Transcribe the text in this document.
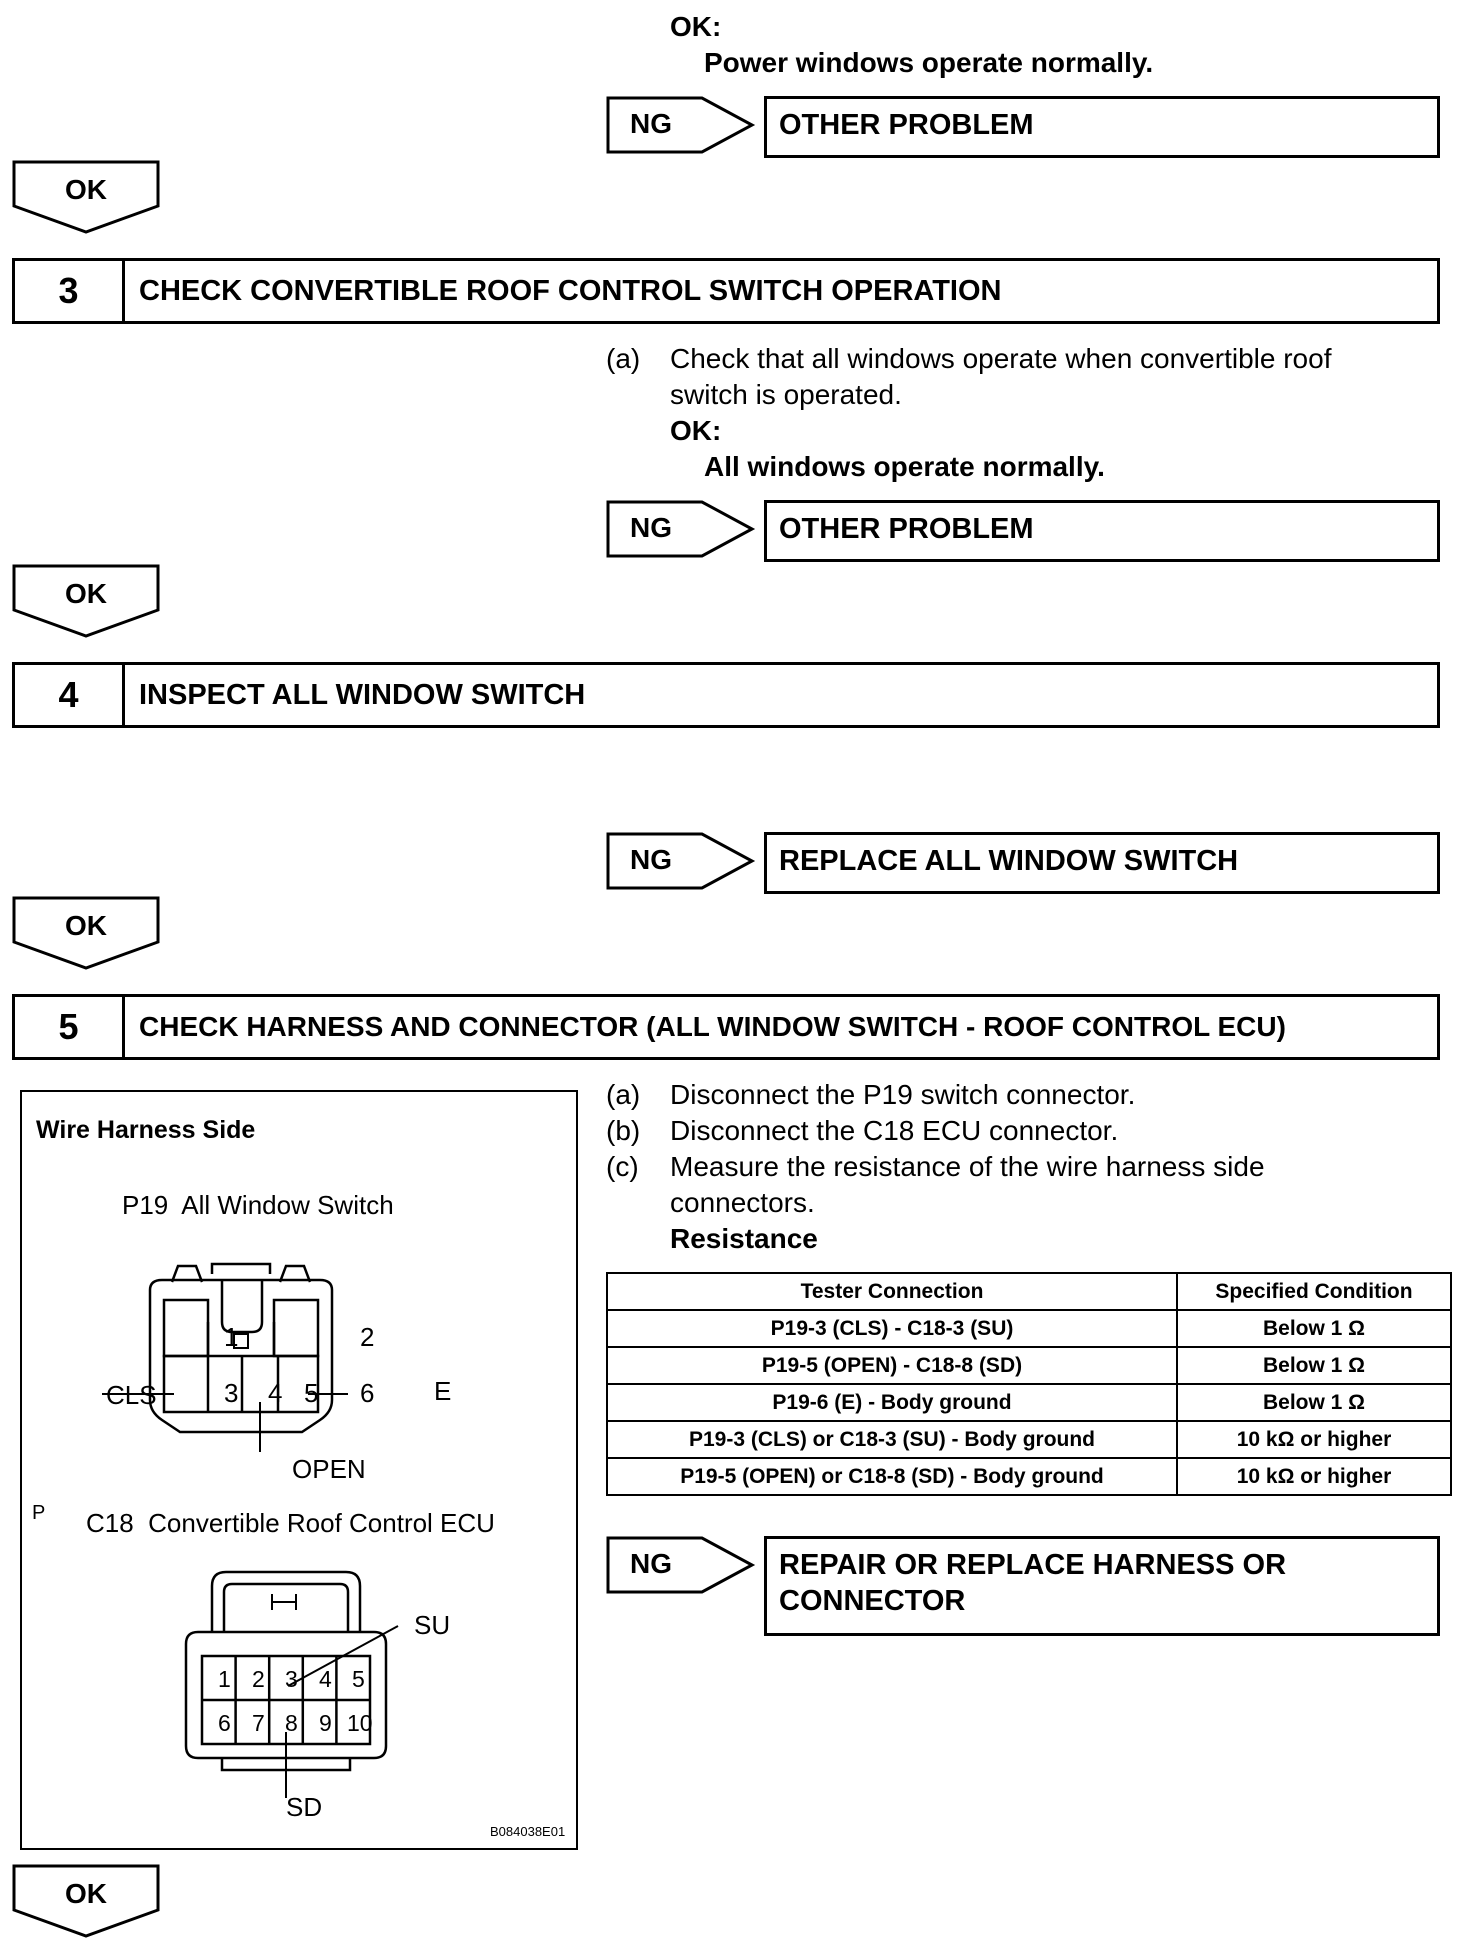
OK:
Power windows operate normally.
NG	OTHER PROBLEM
OK
3	CHECK CONVERTIBLE ROOF CONTROL SWITCH OPERATION
(a) Check that all windows operate when convertible roof
switch is operated.
OK:
All windows operate normally.
NG	OTHER PROBLEM
OK
4	INSPECT ALL WINDOW SWITCH
NG	REPLACE ALL WINDOW SWITCH
OK
5	CHECK HARNESS AND CONNECTOR (ALL WINDOW SWITCH - ROOF CONTROL ECU)
(a) Disconnect the P19 switch connector.
(b) Disconnect the C18 ECU connector.
(c) Measure the resistance of the wire harness side
connectors.
Resistance
Tester Connection	Specified Condition
P19-3 (CLS) - C18-3 (SU)	Below 1 Ω
P19-5 (OPEN) - C18-8 (SD)	Below 1 Ω
P19-6 (E) - Body ground	Below 1 Ω
P19-3 (CLS) or C18-3 (SU) - Body ground	10 kΩ or higher
P19-5 (OPEN) or C18-8 (SD) - Body ground	10 kΩ or higher
NG	REPAIR OR REPLACE HARNESS OR CONNECTOR
Wire Harness Side
P19  All Window Switch
1	2
3 4 5 6
CLS	E
OPEN
P C18  Convertible Roof Control ECU
1 2 3 4 5
6 7 8 9 10
SU
SD
B084038E01
OK
